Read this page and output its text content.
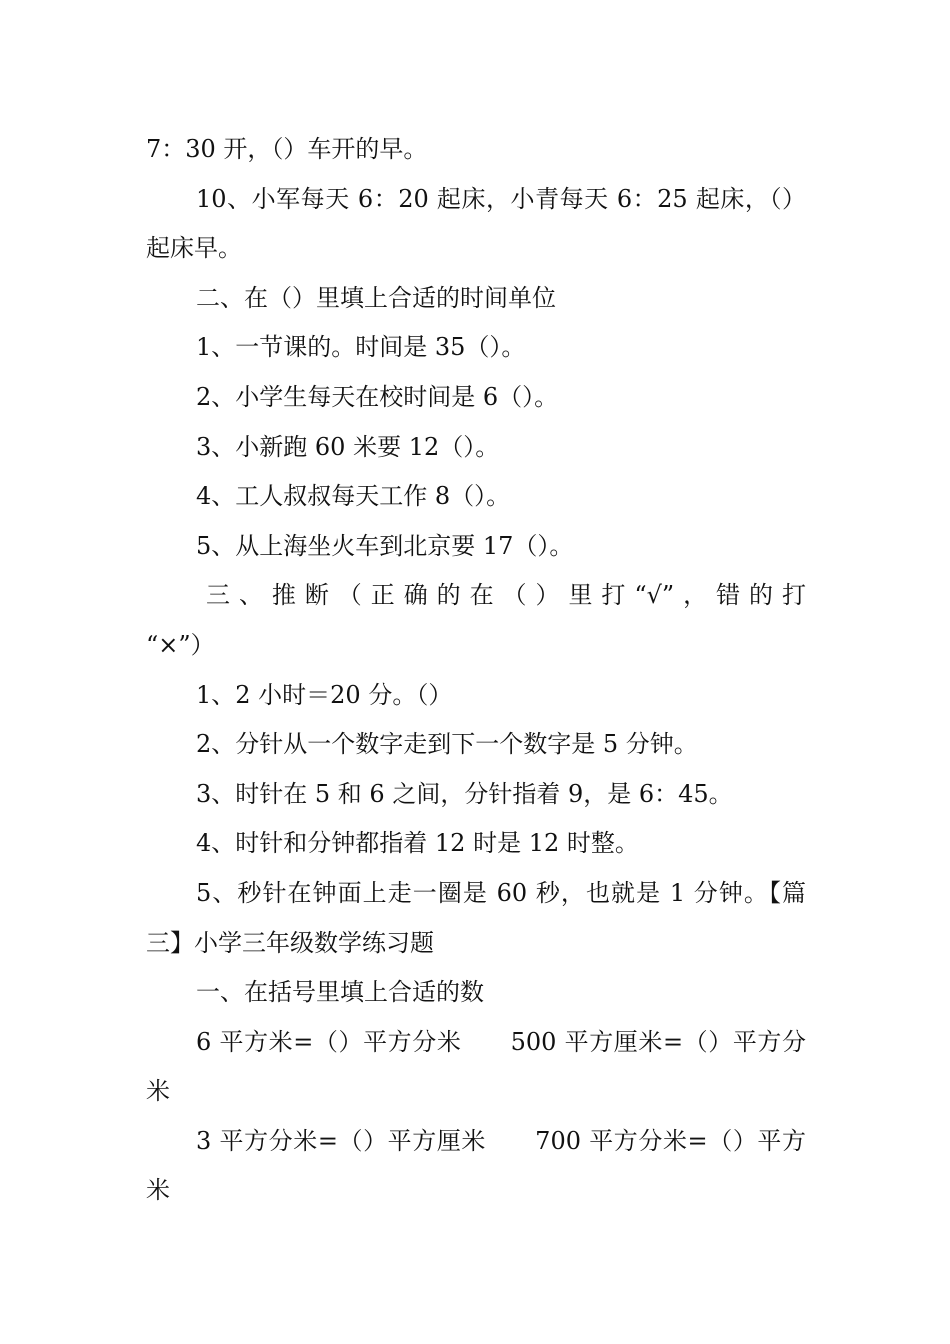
7：30 开，（）车开的早。
10、小军每天 6：20 起床，小青每天 6：25 起床，（）
起床早。
二、在（）里填上合适的时间单位
1、一节课的。时间是 35（）。
2、小学生每天在校时间是 6（）。
3、小新跑 60 米要 12（）。
4、工人叔叔每天工作 8（）。
5、从上海坐火车到北京要 17（）。
三、推断（正确的在（）里打“√”，错的打
“×”）
1、2 小时＝20 分。（）
2、分针从一个数字走到下一个数字是 5 分钟。
3、时针在 5 和 6 之间，分针指着 9，是 6：45。
4、时针和分钟都指着 12 时是 12 时整。
5、秒针在钟面上走一圈是 60 秒，也就是 1 分钟。【篇
三】小学三年级数学练习题
一、在括号里填上合适的数
6 平方米=（）平方分米　　500 平方厘米=（）平方分
米
3 平方分米=（）平方厘米　　700 平方分米=（）平方
米
